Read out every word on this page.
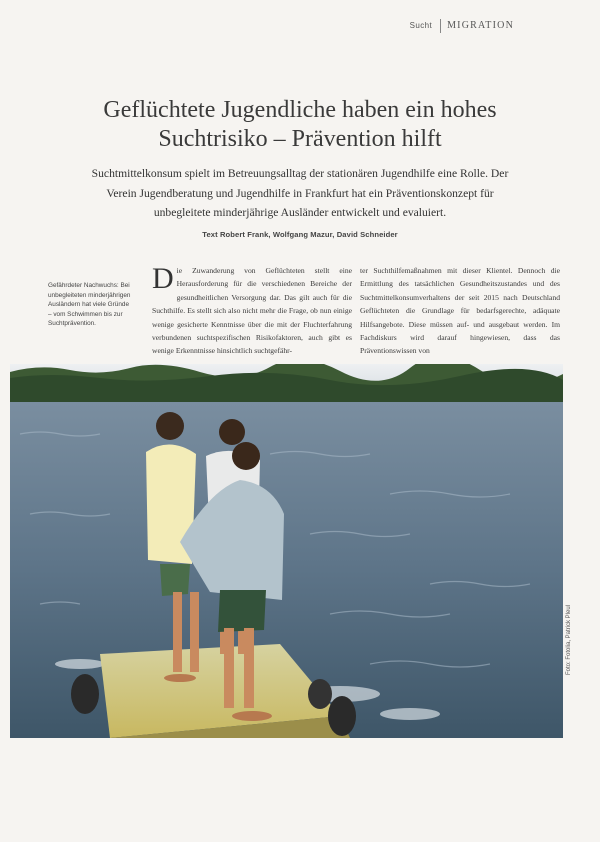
Sucht MIGRATION
Geflüchtete Jugendliche haben ein hohes Suchtrisiko – Prävention hilft

Suchtmittelkonsum spielt im Betreuungsalltag der stationären Jugendhilfe eine Rolle. Der Verein Jugendberatung und Jugendhilfe in Frankfurt hat ein Präventionskonzept für unbegleitete minderjährige Ausländer entwickelt und evaluiert.

Text Robert Frank, Wolfgang Mazur, David Schneider
Gefährdeter Nachwuchs: Bei unbegleiteten minderjährigen Ausländern hat viele Gründe – vom Schwimmen bis zur Suchtprävention.
Die Zuwanderung von Geflüchteten stellt eine Herausforderung für die verschiedenen Bereiche der gesundheitlichen Versorgung dar. Das gilt auch für die Suchthilfe. Es stellt sich also nicht mehr die Frage, ob nun einige wenige gesicherte Kenntnisse über die mit der Fluchterfahrung verbundenen suchtspezifischen Risikofaktoren, auch gibt es wenige Erkenntnisse hinsichtlich suchtgefähr-
ter Suchthilfemaßnahmen mit dieser Klientel. Dennoch die Ermittlung des tatsächlichen Gesundheitszustandes und des Suchtmittelkonsumverhaltens der seit 2015 nach Deutschland Geflüchteten die Grundlage für bedarfsgerechte, adäquate Hilfsangebote. Diese müssen auf- und ausgebaut werden. Im Fachdiskurs wird darauf hingewiesen, dass das Präventionswissen von
Foto: Fotolia, Patrick Pleul
